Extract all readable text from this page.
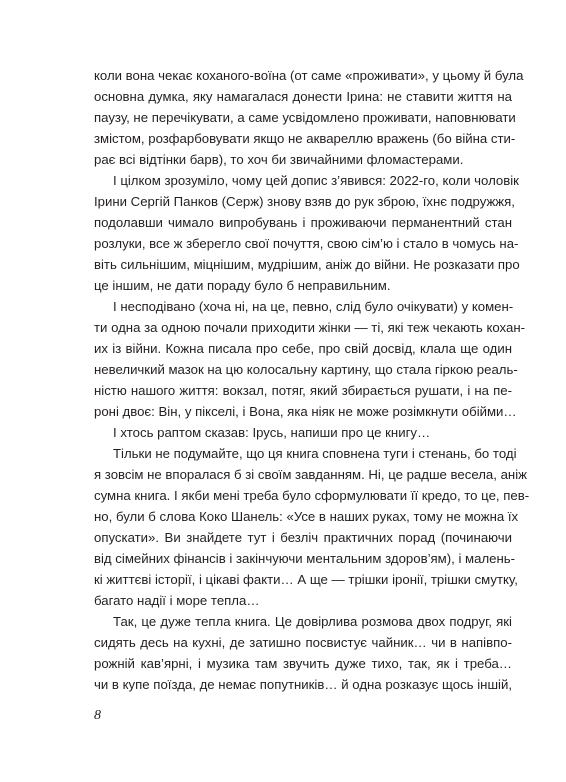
коли вона чекає коханого-воїна (от саме «проживати», у цьому й була
основна думка, яку намагалася донести Ірина: не ставити життя на
паузу, не перечікувати, а саме усвідомлено проживати, наповнювати
змістом, розфарбовувати якщо не аквареллю вражень (бо війна сти-
рає всі відтінки барв), то хоч би звичайними фломастерами.
І цілком зрозуміло, чому цей допис з’явився: 2022-го, коли чоловік
Ірини Сергій Панков (Серж) знову взяв до рук зброю, їхнє подружжя,
подолавши чимало випробувань і проживаючи перманентний стан
розлуки, все ж зберегло свої почуття, свою сім’ю і стало в чомусь на-
віть сильнішим, міцнішим, мудрішим, аніж до війни. Не розказати про
це іншим, не дати пораду було б неправильним.
І несподівано (хоча ні, на це, певно, слід було очікувати) у комен-
ти одна за одною почали приходити жінки — ті, які теж чекають кохан-
их із війни. Кожна писала про себе, про свій досвід, клала ще один
невеличкий мазок на цю колосальну картину, що стала гіркою реаль-
ністю нашого життя: вокзал, потяг, який збирається рушати, і на пе-
роні двоє: Він, у пікселі, і Вона, яка ніяк не може розімкнути обійми…
І хтось раптом сказав: Ірусь, напиши про це книгу…
Тільки не подумайте, що ця книга сповнена туги і стенань, бо тоді
я зовсім не впоралася б зі своїм завданням. Ні, це радше весела, аніж
сумна книга. І якби мені треба було сформулювати її кредо, то це, пев-
но, були б слова Коко Шанель: «Усе в наших руках, тому не можна їх
опускати». Ви знайдете тут і безліч практичних порад (починаючи
від сімейних фінансів і закінчуючи ментальним здоров’ям), і малень-
кі життєві історії, і цікаві факти… А ще — трішки іронії, трішки смутку,
багато надії і море тепла…
Так, це дуже тепла книга. Це довірлива розмова двох подруг, які
сидять десь на кухні, де затишно посвистує чайник… чи в напівпо-
рожній кав’ярні, і музика там звучить дуже тихо, так, як і треба…
чи в купе поїзда, де немає попутників… й одна розказує щось іншій,
8
